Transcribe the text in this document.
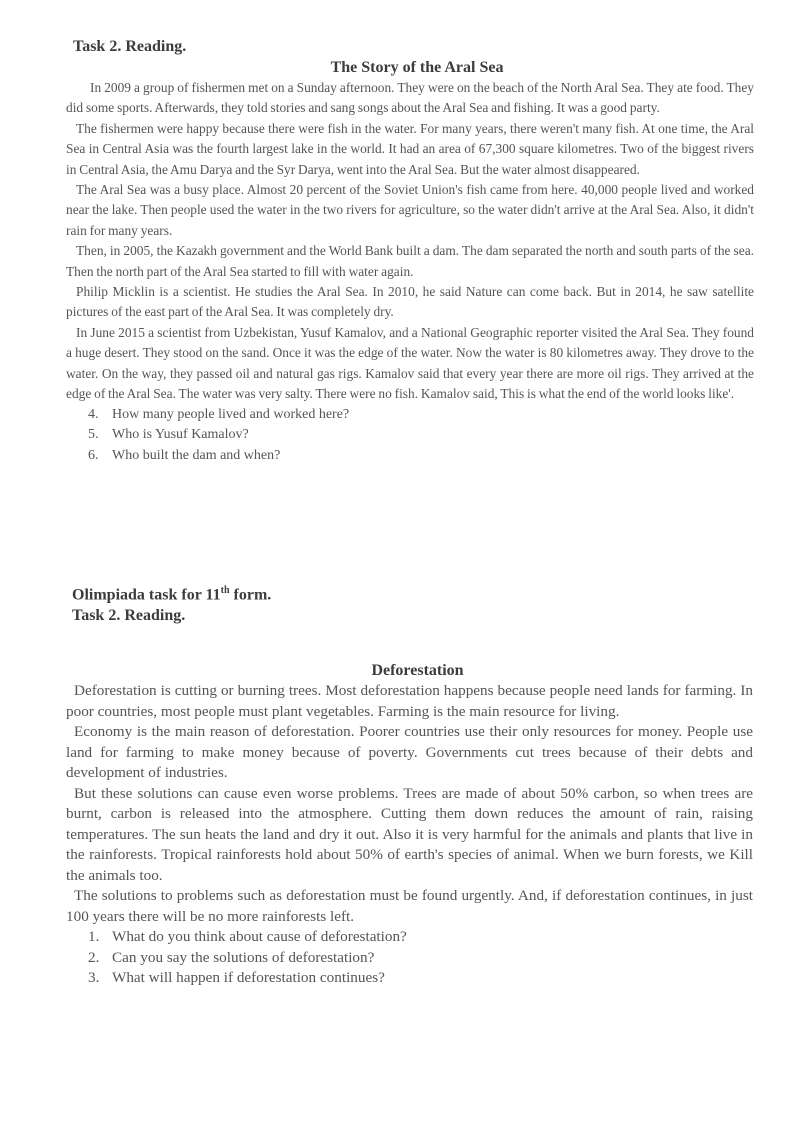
Task 2. Reading.
The Story of the Aral Sea

In 2009 a group of fishermen met on a Sunday afternoon. They were on the beach of the North Aral Sea. They ate food. They did some sports. Afterwards, they told stories and sang songs about the Aral Sea and fishing. It was a good party.

The fishermen were happy because there were fish in the water. For many years, there weren't many fish. At one time, the Aral Sea in Central Asia was the fourth largest lake in the world. It had an area of 67,300 square kilometres. Two of the biggest rivers in Central Asia, the Amu Darya and the Syr Darya, went into the Aral Sea. But the water almost disappeared.

The Aral Sea was a busy place. Almost 20 percent of the Soviet Union's fish came from here. 40,000 people lived and worked near the lake. Then people used the water in the two rivers for agriculture, so the water didn't arrive at the Aral Sea. Also, it didn't rain for many years.

Then, in 2005, the Kazakh government and the World Bank built a dam. The dam separated the north and south parts of the sea. Then the north part of the Aral Sea started to fill with water again.

Philip Micklin is a scientist. He studies the Aral Sea. In 2010, he said Nature can come back. But in 2014, he saw satellite pictures of the east part of the Aral Sea. It was completely dry.

In June 2015 a scientist from Uzbekistan, Yusuf Kamalov, and a National Geographic reporter visited the Aral Sea. They found a huge desert. They stood on the sand. Once it was the edge of the water. Now the water is 80 kilometres away. They drove to the water. On the way, they passed oil and natural gas rigs. Kamalov said that every year there are more oil rigs. They arrived at the edge of the Aral Sea. The water was very salty. There were no fish. Kamalov said, This is what the end of the world looks like'.

4. How many people lived and worked here?
5. Who is Yusuf Kamalov?
6. Who built the dam and when?
Olimpiada task for 11th form.
Task 2. Reading.
Deforestation

Deforestation is cutting or burning trees. Most deforestation happens because people need lands for farming. In poor countries, most people must plant vegetables. Farming is the main resource for living.

Economy is the main reason of deforestation. Poorer countries use their only resources for money. People use land for farming to make money because of poverty. Governments cut trees because of their debts and development of industries.

But these solutions can cause even worse problems. Trees are made of about 50% carbon, so when trees are burnt, carbon is released into the atmosphere. Cutting them down reduces the amount of rain, raising temperatures. The sun heats the land and dry it out. Also it is very harmful for the animals and plants that live in the rainforests. Tropical rainforests hold about 50% of earth's species of animal. When we burn forests, we Kill the animals too.

The solutions to problems such as deforestation must be found urgently. And, if deforestation continues, in just 100 years there will be no more rainforests left.

1. What do you think about cause of deforestation?
2. Can you say the solutions of deforestation?
3. What will happen if deforestation continues?
